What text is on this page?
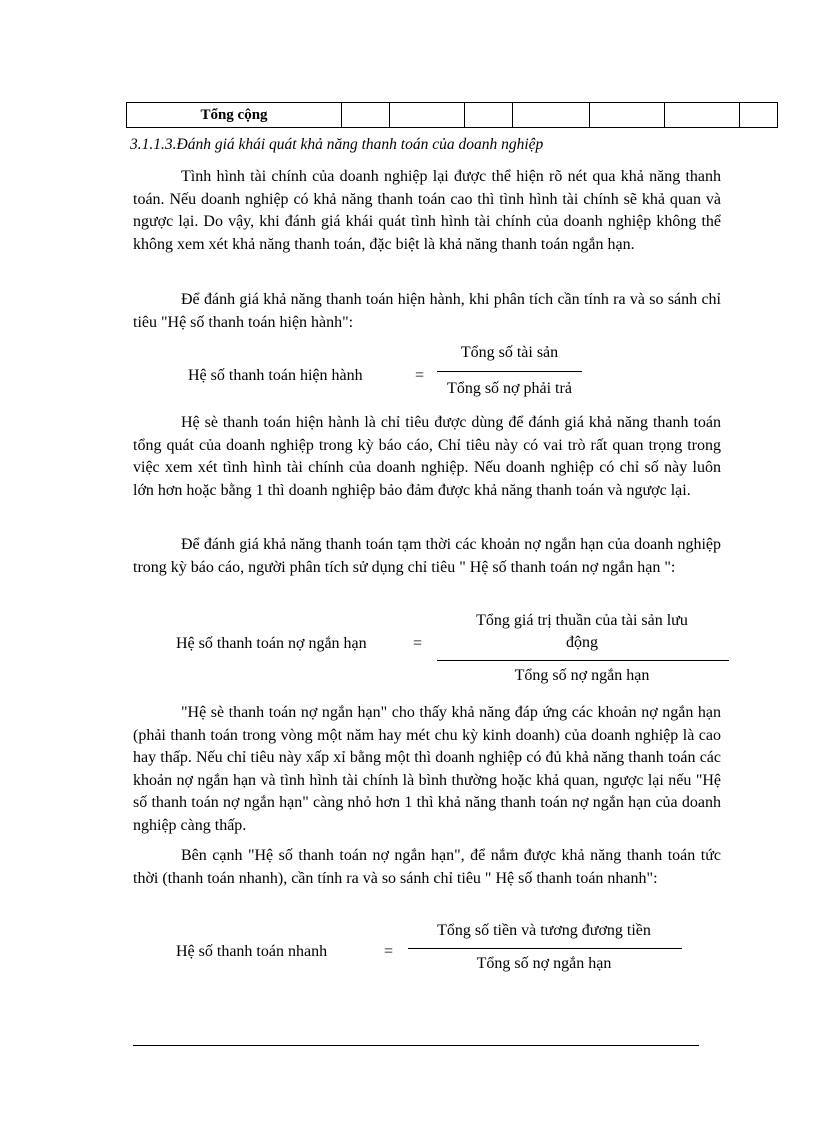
Tổng cộng							
3.1.1.3.Đánh giá khái quát khả năng thanh toán của doanh nghiệp
Tình hình tài chính của doanh nghiệp lại được thể hiện rõ nét qua khả năng thanh toán. Nếu doanh nghiệp có khả năng thanh toán cao thì tình hình tài chính sẽ khả quan và ngược lại. Do vậy, khi đánh giá khái quát tình hình tài chính của doanh nghiệp không thể không xem xét khả năng thanh toán, đặc biệt là khả năng thanh toán ngắn hạn.
Để đánh giá khả năng thanh toán hiện hành, khi phân tích cần tính ra và so sánh chỉ tiêu "Hệ số thanh toán hiện hành":
Hệ số thanh toán hiện hành	=
Tổng số tài sản
Tổng số nợ phải trả
Hệ sè thanh toán hiện hành là chỉ tiêu được dùng để đánh giá khả năng thanh toán tổng quát của doanh nghiệp trong kỳ báo cáo, Chỉ tiêu này có vai trò rất quan trọng trong việc xem xét tình hình tài chính của doanh nghiệp. Nếu doanh nghiệp có chỉ số này luôn lớn hơn hoặc bằng 1 thì doanh nghiệp bảo đảm được khả năng thanh toán và ngược lại.
Để đánh giá khả năng thanh toán tạm thời các khoản nợ ngắn hạn của doanh nghiệp trong kỳ báo cáo, người phân tích sử dụng chỉ tiêu " Hệ số thanh toán nợ ngắn hạn ":
Hệ số thanh toán nợ ngắn hạn	=
Tổng giá trị thuần của tài sản lưu
động
Tổng số nợ ngắn hạn
"Hệ sè thanh toán nợ ngắn hạn" cho thấy khả năng đáp ứng các khoản nợ ngắn hạn (phải thanh toán trong vòng một năm hay mét chu kỳ kinh doanh) của doanh nghiệp là cao hay thấp. Nếu chỉ tiêu này xấp xỉ bằng một thì doanh nghiệp có đủ khả năng thanh toán các khoản nợ ngắn hạn và tình hình tài chính là bình thường hoặc khả quan, ngược lại nếu "Hệ số thanh toán nợ ngắn hạn" càng nhỏ hơn 1 thì khả năng thanh toán nợ ngắn hạn của doanh nghiệp càng thấp.
Bên cạnh "Hệ số thanh toán nợ ngắn hạn", để nắm được khả năng thanh toán tức thời (thanh toán nhanh), cần tính ra và so sánh chỉ tiêu " Hệ số thanh toán nhanh":
Hệ số thanh toán nhanh	=
Tổng số tiền và tương đương tiền
Tổng số nợ ngắn hạn
